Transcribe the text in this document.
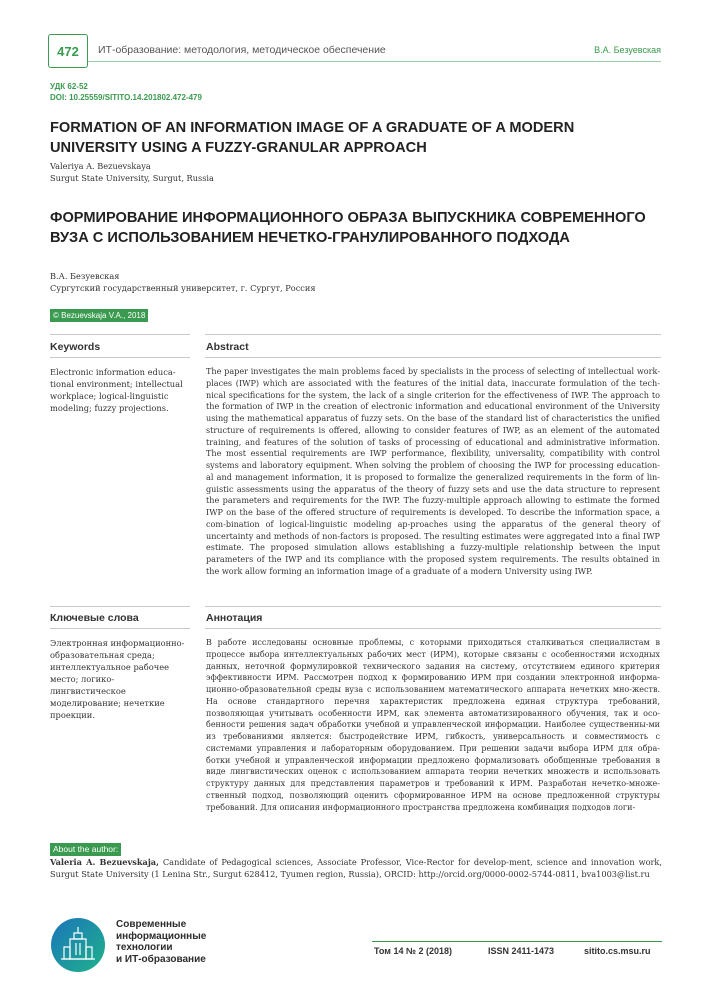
472	ИТ-образование: методология, методическое обеспечение	В.А. Безуевская
УДК 62-52
DOI: 10.25559/SITITO.14.201802.472-479
FORMATION OF AN INFORMATION IMAGE OF A GRADUATE OF A MODERN UNIVERSITY USING A FUZZY-GRANULAR APPROACH
Valeriya A. Bezuevskaya
Surgut State University, Surgut, Russia
ФОРМИРОВАНИЕ ИНФОРМАЦИОННОГО ОБРАЗА ВЫПУСКНИКА СОВРЕМЕННОГО ВУЗА С ИСПОЛЬЗОВАНИЕМ НЕЧЕТКО-ГРАНУЛИРОВАННОГО ПОДХОДА
В.А. Безуевская
Сургутский государственный университет, г. Сургут, Россия
© Bezuevskaja V.A., 2018
Keywords	Abstract
Electronic information educa-tional environment; intellectual workplace; logical-linguistic modeling; fuzzy projections.
The paper investigates the main problems faced by specialists in the process of selecting of intellectual work-places (IWP) which are associated with the features of the initial data, inaccurate formulation of the tech-nical specifications for the system, the lack of a single criterion for the effectiveness of IWP. The approach to the formation of IWP in the creation of electronic information and educational environment of the University using the mathematical apparatus of fuzzy sets. On the base of the standard list of characteristics the unified structure of requirements is offered, allowing to consider features of IWP, as an element of the automated training, and features of the solution of tasks of processing of educational and administrative information. The most essential requirements are IWP performance, flexibility, universality, compatibility with control systems and laboratory equipment. When solving the problem of choosing the IWP for processing education-al and management information, it is proposed to formalize the generalized requirements in the form of lin-guistic assessments using the apparatus of the theory of fuzzy sets and use the data structure to represent the parameters and requirements for the IWP. The fuzzy-multiple approach allowing to estimate the formed IWP on the base of the offered structure of requirements is developed. To describe the information space, a com-bination of logical-linguistic modeling ap-proaches using the apparatus of the general theory of uncertainty and methods of non-factors is proposed. The resulting estimates were aggregated into a final IWP estimate. The proposed simulation allows establishing a fuzzy-multiple relationship between the input parameters of the IWP and its compliance with the proposed system requirements. The results obtained in the work allow forming an information image of a graduate of a modern University using IWP.
Ключевые слова	Аннотация
Электронная информационно-образовательная среда; интеллектуальное рабочее место; логико-лингвистическое моделирование; нечеткие проекции.
В работе исследованы основные проблемы, с которыми приходиться сталкиваться специалистам в процессе выбора интеллектуальных рабочих мест (ИРМ), которые связаны с особенностями исходных данных, неточной формулировкой технического задания на систему, отсутствием единого критерия эффективности ИРМ. Рассмотрен подход к формированию ИРМ при создании электронной информа-ционно-образовательной среды вуза с использованием математического аппарата нечетких мно-жеств. На основе стандартного перечня характеристик предложена единая структура требований, позволяющая учитывать особенности ИРМ, как элемента автоматизированного обучения, так и осо-бенности решения задач обработки учебной и управленческой информации. Наиболее существенны-ми из требованиями является: быстродействие ИРМ, гибкость, универсальность и совместимость с системами управления и лабораторным оборудованием. При решении задачи выбора ИРМ для обра-ботки учебной и управленческой информации предложено формализовать обобщенные требования в виде лингвистических оценок с использованием аппарата теории нечетких множеств и использовать структуру данных для представления параметров и требований к ИРМ. Разработан нечетко-множе-ственный подход, позволяющий оценить сформированное ИРМ на основе предложенной структуры требований. Для описания информационного пространства предложена комбинация подходов логи-
About the author:
Valeria A. Bezuevskaja, Candidate of Pedagogical sciences, Associate Professor, Vice-Rector for develop-ment, science and innovation work, Surgut State University (1 Lenina Str., Surgut 628412, Tyumen region, Russia), ORCID: http://orcid.org/0000-0002-5744-0811, bva1003@list.ru
Современные
информационные
технологии
и ИТ-образование
Том 14 № 2 (2018)	ISSN 2411-1473	sitito.cs.msu.ru
